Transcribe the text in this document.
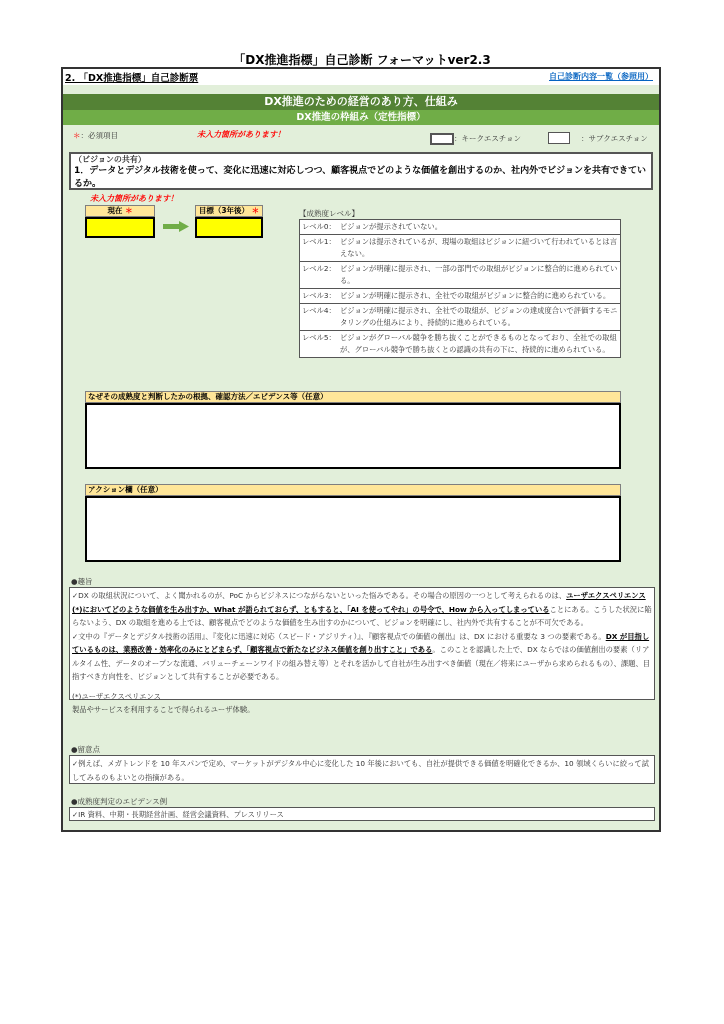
「DX推進指標」自己診断 フォーマットver2.3
2. 「DX推進指標」自己診断票	自己診断内容一覧（参照用）
DX推進のための経営のあり方、仕組み
DX推進の枠組み（定性指標）
＊：必須項目	未入力箇所があります！	：キークエスチョン	：サブクエスチョン
（ビジョンの共有）
1．データとデジタル技術を使って、変化に迅速に対応しつつ、顧客視点でどのような価値を創出するのか、社内外でビジョンを共有できているか。
未入力箇所があります！
現在 ＊	目標（3年後） ＊	【成熟度レベル】
レベル0： ビジョンが提示されていない。
レベル1： ビジョンは提示されているが、現場の取組はビジョンに紐づいて行われているとは言えない。
レベル2： ビジョンが明確に提示され、一部の部門での取組がビジョンに整合的に進められている。
レベル3： ビジョンが明確に提示され、全社での取組がビジョンに整合的に進められている。
レベル4： ビジョンが明確に提示され、全社での取組が、ビジョンの達成度合いで評価するモニタリングの仕組みにより、持続的に進められている。
レベル5： ビジョンがグローバル競争を勝ち抜くことができるものとなっており、全社での取組が、グローバル競争で勝ち抜くとの認識の共有の下に、持続的に進められている。
なぜその成熟度と判断したかの根拠、確認方法／エビデンス等（任意）
アクション欄（任意）
●趣旨
✓DX の取組状況について、よく聞かれるのが、PoC からビジネスにつながらないといった悩みである。その場合の原因の一つとして考えられるのは、ユーザエクスペリエンス(*)においてどのような価値を生み出すか、What が語られておらず、ともすると、「AI を使ってやれ」の号令で、How から入ってしまっていることにある。こうした状況に陥らないよう、DX の取組を進める上では、顧客視点でどのような価値を生み出すのかについて、ビジョンを明確にし、社内外で共有することが不可欠である。
✓文中の『データとデジタル技術の活用』、『変化に迅速に対応（スピード・アジリティ）』、『顧客視点での価値の創出』は、DX における重要な 3 つの要素である。DX が目指しているものは、業務改善・効率化のみにとどまらず、「顧客視点で新たなビジネス価値を創り出すこと」である。このことを認識した上で、DX ならではの価値創出の要素（リアルタイム性、データのオープンな流通、バリューチェーンワイドの組み替え等）とそれを活かして自社が生み出すべき価値（現在／将来にユーザから求められるもの）、課題、目指すべき方向性を、ビジョンとして共有することが必要である。
(*)ユーザエクスペリエンス
製品やサービスを利用することで得られるユーザ体験。
●留意点
✓例えば、メガトレンドを 10 年スパンで定め、マーケットがデジタル中心に変化した 10 年後においても、自社が提供できる価値を明確化できるか、10 領域くらいに絞って試してみるのもよいとの指摘がある。
●成熟度判定のエビデンス例
✓IR 資料、中期・長期経営計画、経営会議資料、プレスリリース
